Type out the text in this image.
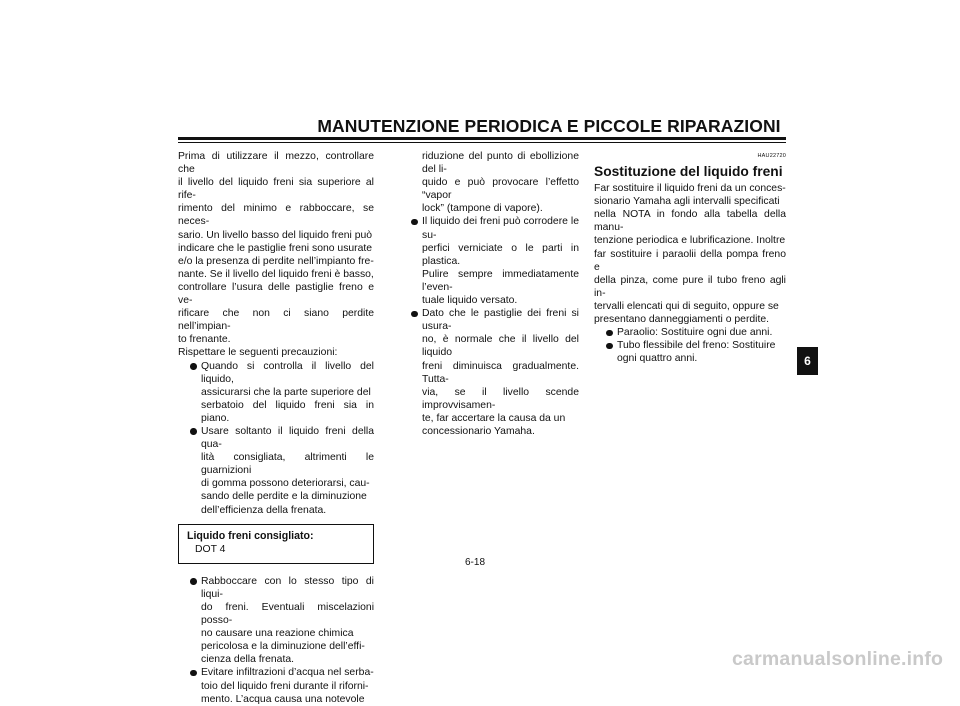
MANUTENZIONE PERIODICA E PICCOLE RIPARAZIONI

Prima di utilizzare il mezzo, controllare che
il livello del liquido freni sia superiore al rife-
rimento del minimo e rabboccare, se neces-
sario. Un livello basso del liquido freni può
indicare che le pastiglie freni sono usurate
e/o la presenza di perdite nell’impianto fre-
nante. Se il livello del liquido freni è basso,
controllare l’usura delle pastiglie freno e ve-
rificare che non ci siano perdite nell’impian-
to frenante.

Rispettare le seguenti precauzioni:

Quando si controlla il livello del liquido,
assicurarsi che la parte superiore del
serbatoio del liquido freni sia in piano.
Usare soltanto il liquido freni della qua-
lità consigliata, altrimenti le guarnizioni
di gomma possono deteriorarsi, cau-
sando delle perdite e la diminuzione
dell’efficienza della frenata.
Liquido freni consigliato:
DOT 4
Rabboccare con lo stesso tipo di liqui-
do freni. Eventuali miscelazioni posso-
no causare una reazione chimica
pericolosa e la diminuzione dell’effi-
cienza della frenata.
Evitare infiltrazioni d’acqua nel serba-
toio del liquido freni durante il riforni-
mento. L’acqua causa una notevole

riduzione del punto di ebollizione del li-
quido e può provocare l’effetto “vapor
lock” (tampone di vapore).

Il liquido dei freni può corrodere le su-
perfici verniciate o le parti in plastica.
Pulire sempre immediatamente l’even-
tuale liquido versato.
Dato che le pastiglie dei freni si usura-
no, è normale che il livello del liquido
freni diminuisca gradualmente. Tutta-
via, se il livello scende improvvisamen-
te, far accertare la causa da un
concessionario Yamaha.
HAU22720
Sostituzione del liquido freni

Far sostituire il liquido freni da un conces-
sionario Yamaha agli intervalli specificati
nella NOTA in fondo alla tabella della manu-
tenzione periodica e lubrificazione. Inoltre
far sostituire i paraolii della pompa freno e
della pinza, come pure il tubo freno agli in-
tervalli elencati qui di seguito, oppure se
presentano danneggiamenti o perdite.

Paraolio: Sostituire ogni due anni.
Tubo flessibile del freno: Sostituire
ogni quattro anni.	6
6-18
carmanualsonline.info
